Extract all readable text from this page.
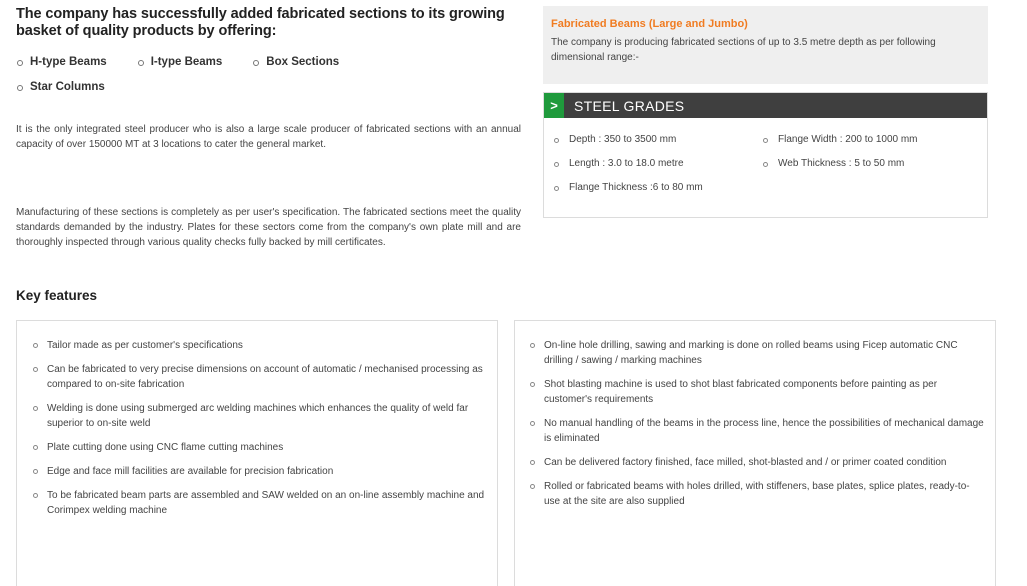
The company has successfully added fabricated sections to its growing basket of quality products by offering:
H-type Beams	I-type Beams	Box Sections
Star Columns

It is the only integrated steel producer who is also a large scale producer of fabricated sections with an annual capacity of over 150000 MT at 3 locations to cater the general market.

Manufacturing of these sections is completely as per user's specification. The fabricated sections meet the quality standards demanded by the industry. Plates for these sectors come from the company's own plate mill and are thoroughly inspected through various quality checks fully backed by mill certificates.

Fabricated Beams (Large and Jumbo)
The company is producing fabricated sections of up to 3.5 metre depth as per following dimensional range:-
>	STEEL GRADES
Depth : 350 to 3500 mm	Flange Width : 200 to 1000 mm
Length : 3.0 to 18.0 metre	Web Thickness : 5 to 50 mm
Flange Thickness :6 to 80 mm
Key features
Tailor made as per customer's specifications
Can be fabricated to very precise dimensions on account of automatic / mechanised processing as compared to on-site fabrication
Welding is done using submerged arc welding machines which enhances the quality of weld far superior to on-site weld
Plate cutting done using CNC flame cutting machines
Edge and face mill facilities are available for precision fabrication
To be fabricated beam parts are assembled and SAW welded on an on-line assembly machine and Corimpex welding machine
On-line hole drilling, sawing and marking is done on rolled beams using Ficep automatic CNC drilling / sawing / marking machines
Shot blasting machine is used to shot blast fabricated components before painting as per customer's requirements
No manual handling of the beams in the process line, hence the possibilities of mechanical damage is eliminated
Can be delivered factory finished, face milled, shot-blasted and / or primer coated condition
Rolled or fabricated beams with holes drilled, with stiffeners, base plates, splice plates, ready-to-use at the site are also supplied
